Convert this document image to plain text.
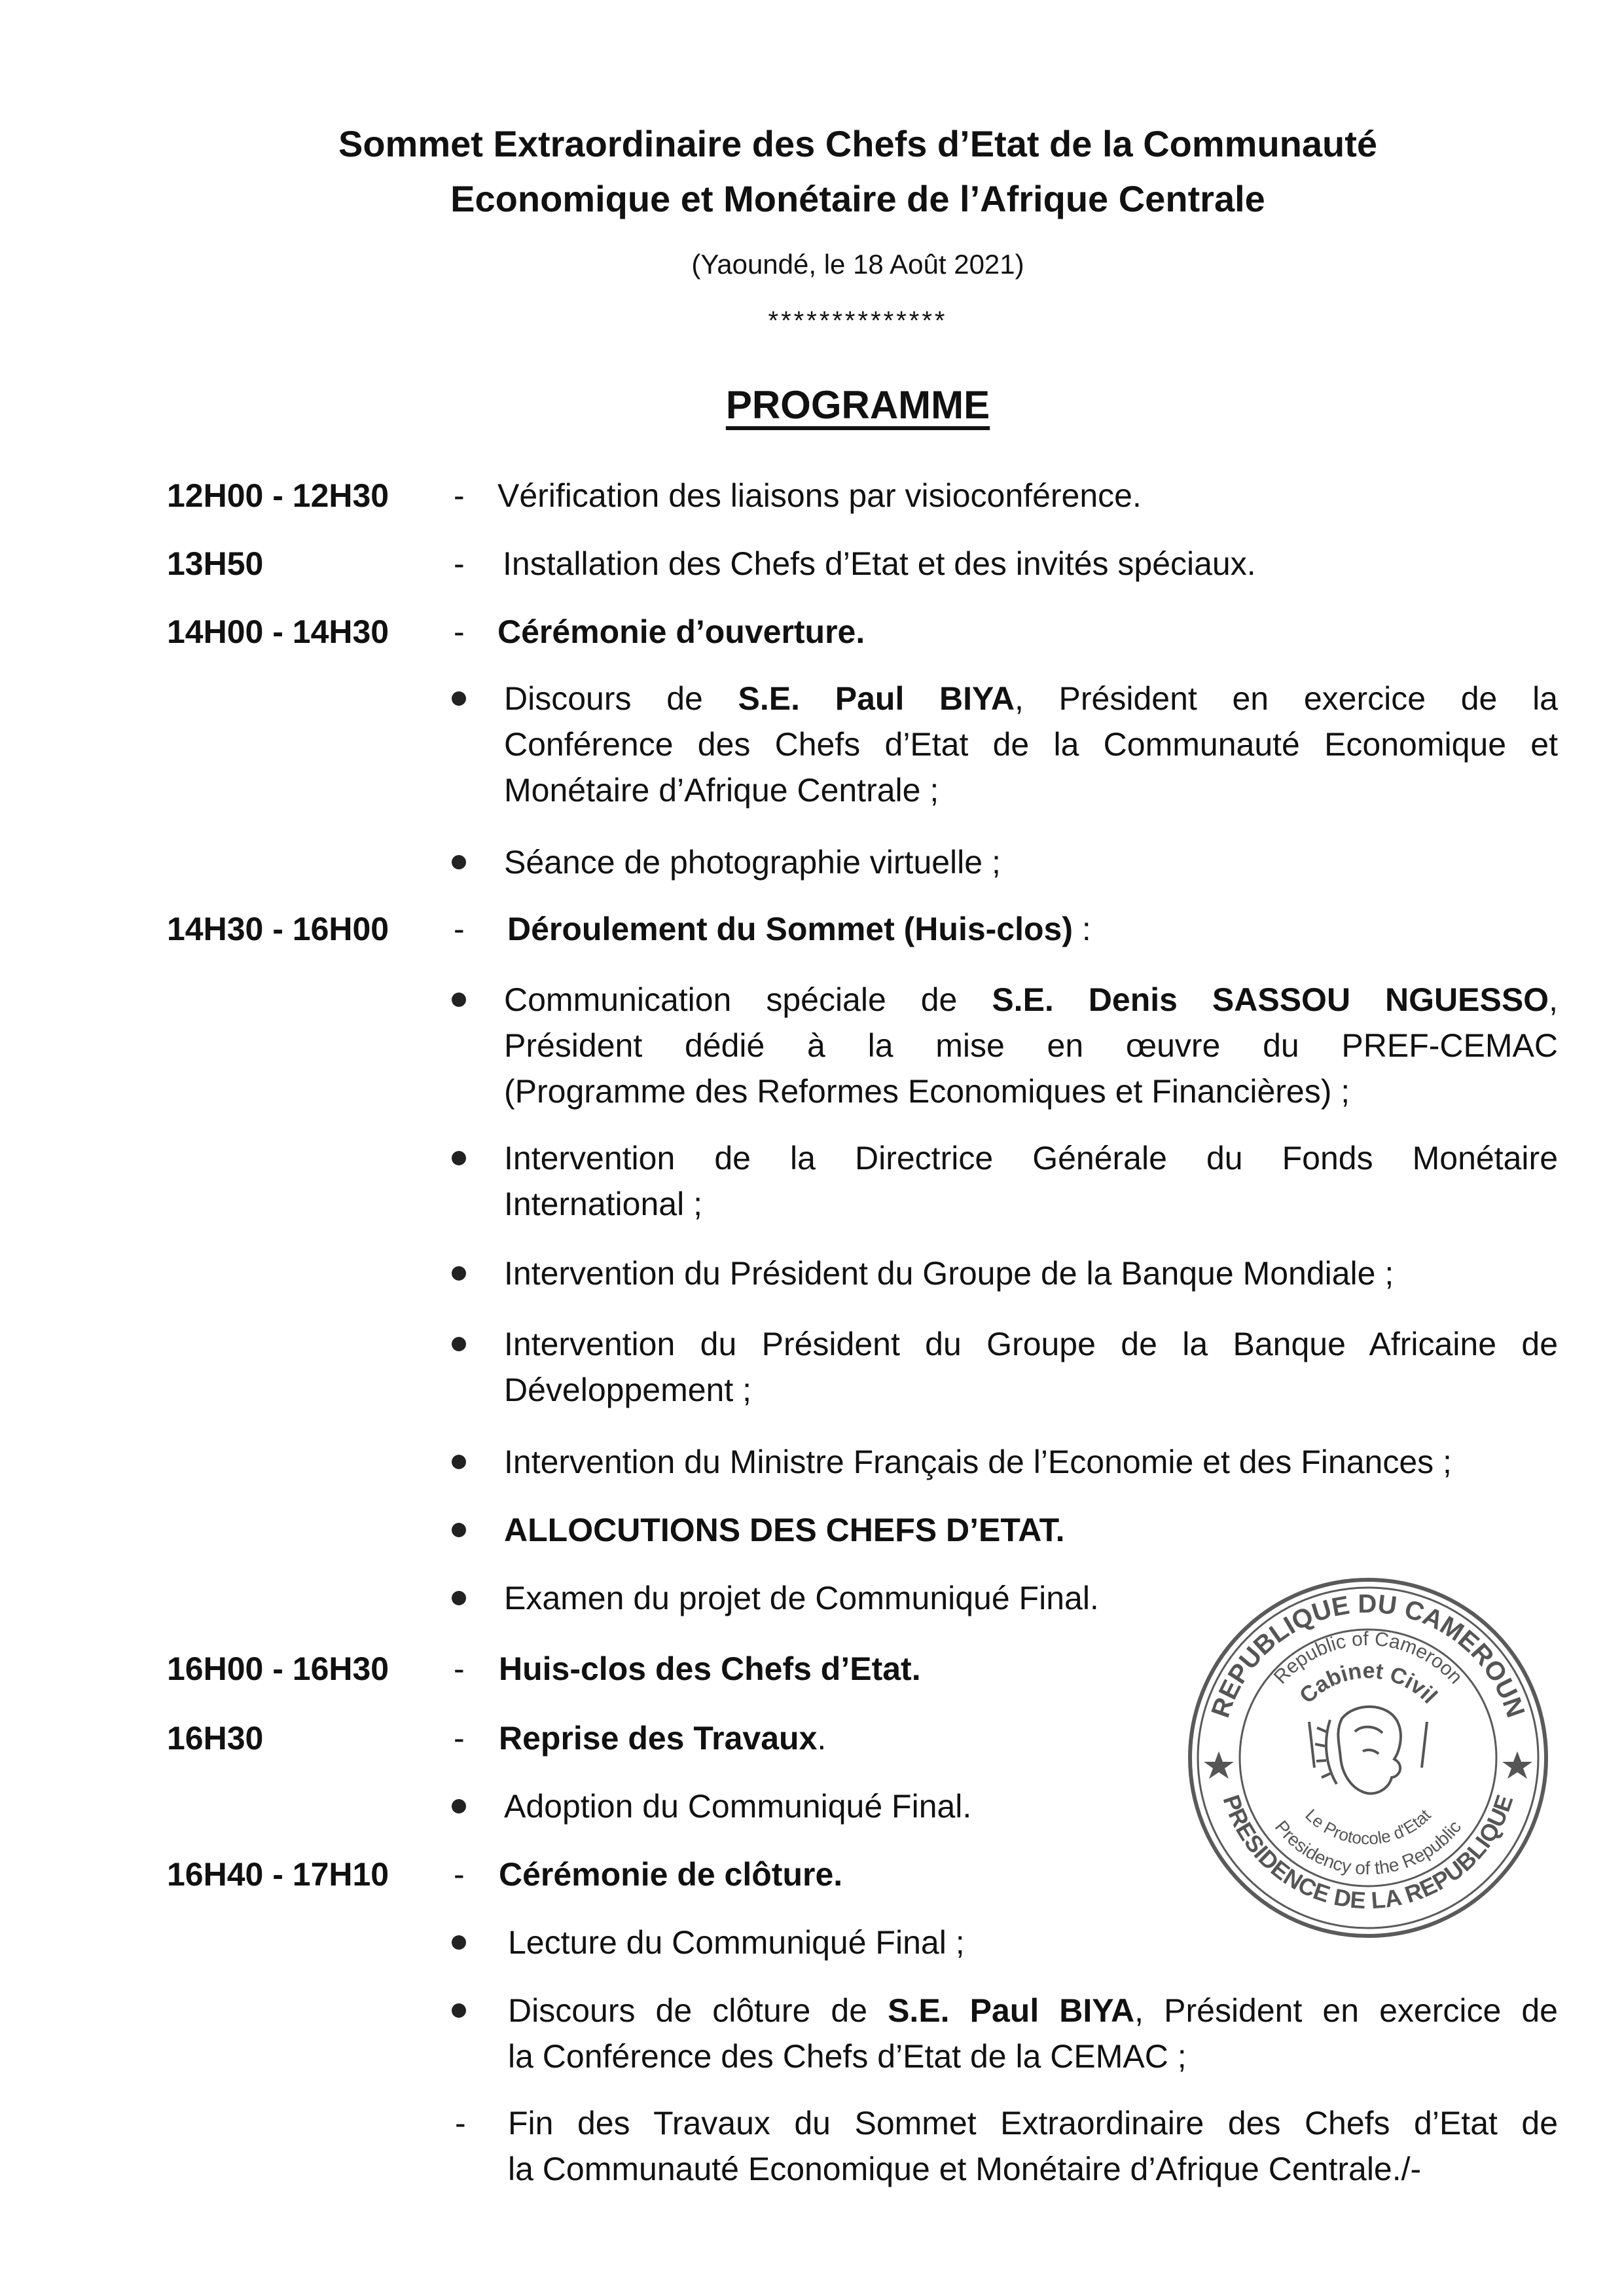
Sommet Extraordinaire des Chefs d’Etat de la Communauté
Economique et Monétaire de l’Afrique Centrale
(Yaoundé, le 18 Août 2021)
**************
PROGRAMME
12H00 - 12H30 - Vérification des liaisons par visioconférence.
13H50	- Installation des Chefs d’Etat et des invités spéciaux.
14H00 - 14H30 - Cérémonie d’ouverture.
Discours de S.E. Paul BIYA, Président en exercice de la
Conférence des Chefs d’Etat de la Communauté Economique et
Monétaire d’Afrique Centrale ;
Séance de photographie virtuelle ;
14H30 - 16H00 - Déroulement du Sommet (Huis-clos) :
Communication spéciale de S.E. Denis SASSOU NGUESSO,
Président dédié à la mise en œuvre du PREF-CEMAC
(Programme des Reformes Economiques et Financières) ;
Intervention de la Directrice Générale du Fonds Monétaire
International ;
Intervention du Président du Groupe de la Banque Mondiale ;
Intervention du Président du Groupe de la Banque Africaine de
Développement ;
Intervention du Ministre Français de l’Economie et des Finances ;
ALLOCUTIONS DES CHEFS D’ETAT.
Examen du projet de Communiqué Final.
16H00 - 16H30 - Huis-clos des Chefs d’Etat.
16H30	- Reprise des Travaux.
Adoption du Communiqué Final.
16H40 - 17H10 - Cérémonie de clôture.
Lecture du Communiqué Final ;
Discours de clôture de S.E. Paul BIYA, Président en exercice de
la Conférence des Chefs d’Etat de la CEMAC ;
- Fin des Travaux du Sommet Extraordinaire des Chefs d’Etat de
la Communauté Economique et Monétaire d’Afrique Centrale./-
REPUBLIQUE DU CAMEROUN
PRESIDENCE DE LA REPUBLIQUE
Republic of Cameroon
Presidency of the Republic
Cabinet Civil
Le Protocole d'Etat
